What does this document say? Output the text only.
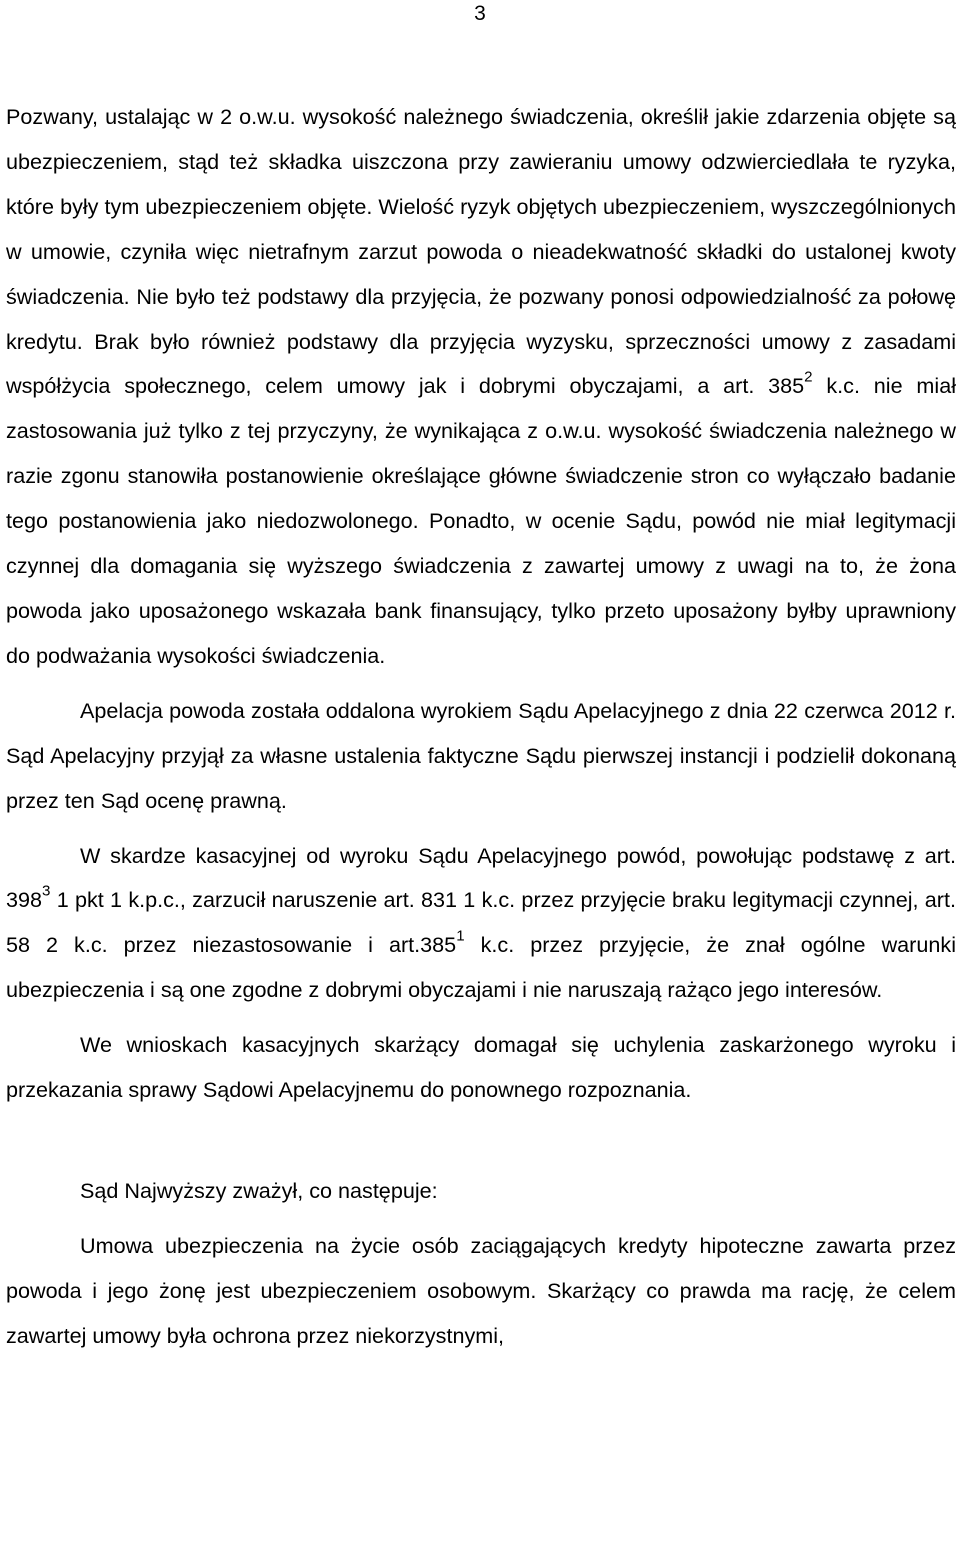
3

Pozwany, ustalając w 2 o.w.u. wysokość należnego świadczenia, określił jakie zdarzenia objęte są ubezpieczeniem, stąd też składka uiszczona przy zawieraniu umowy odzwierciedlała te ryzyka, które były tym ubezpieczeniem objęte. Wielość ryzyk objętych ubezpieczeniem, wyszczególnionych w umowie, czyniła więc nietrafnym zarzut powoda o nieadekwatność składki do ustalonej kwoty świadczenia. Nie było też podstawy dla przyjęcia, że pozwany ponosi odpowiedzialność za połowę kredytu. Brak było również podstawy dla przyjęcia wyzysku, sprzeczności umowy z zasadami współżycia społecznego, celem umowy jak i dobrymi obyczajami, a art. $385^2$ k.c. nie miał zastosowania już tylko z tej przyczyny, że wynikająca z o.w.u. wysokość świadczenia należnego w razie zgonu stanowiła postanowienie określające główne świadczenie stron co wyłączało badanie tego postanowienia jako niedozwolonego. Ponadto, w ocenie Sądu, powód nie miał legitymacji czynnej dla domagania się wyższego świadczenia z zawartej umowy z uwagi na to, że żona powoda jako uposażonego wskazała bank finansujący, tylko przeto uposażony byłby uprawniony do podważania wysokości świadczenia.

Apelacja powoda została oddalona wyrokiem Sądu Apelacyjnego z dnia 22 czerwca 2012 r. Sąd Apelacyjny przyjął za własne ustalenia faktyczne Sądu pierwszej instancji i podzielił dokonaną przez ten Sąd ocenę prawną.

W skardze kasacyjnej od wyroku Sądu Apelacyjnego powód, powołując podstawę z art. $398^3$ 1 pkt 1 k.p.c., zarzucił naruszenie art. 831 1 k.c. przez przyjęcie braku legitymacji czynnej, art. 58 2 k.c. przez niezastosowanie i art.385$^1$ k.c. przez przyjęcie, że znał ogólne warunki ubezpieczenia i są one zgodne z dobrymi obyczajami i nie naruszają rażąco jego interesów.

We wnioskach kasacyjnych skarżący domagał się uchylenia zaskarżonego wyroku i przekazania sprawy Sądowi Apelacyjnemu do ponownego rozpoznania.

Sąd Najwyższy zważył, co następuje:

Umowa ubezpieczenia na życie osób zaciągających kredyty hipoteczne zawarta przez powoda i jego żonę jest ubezpieczeniem osobowym. Skarżący co prawda ma rację, że celem zawartej umowy była ochrona przez niekorzystnymi,
